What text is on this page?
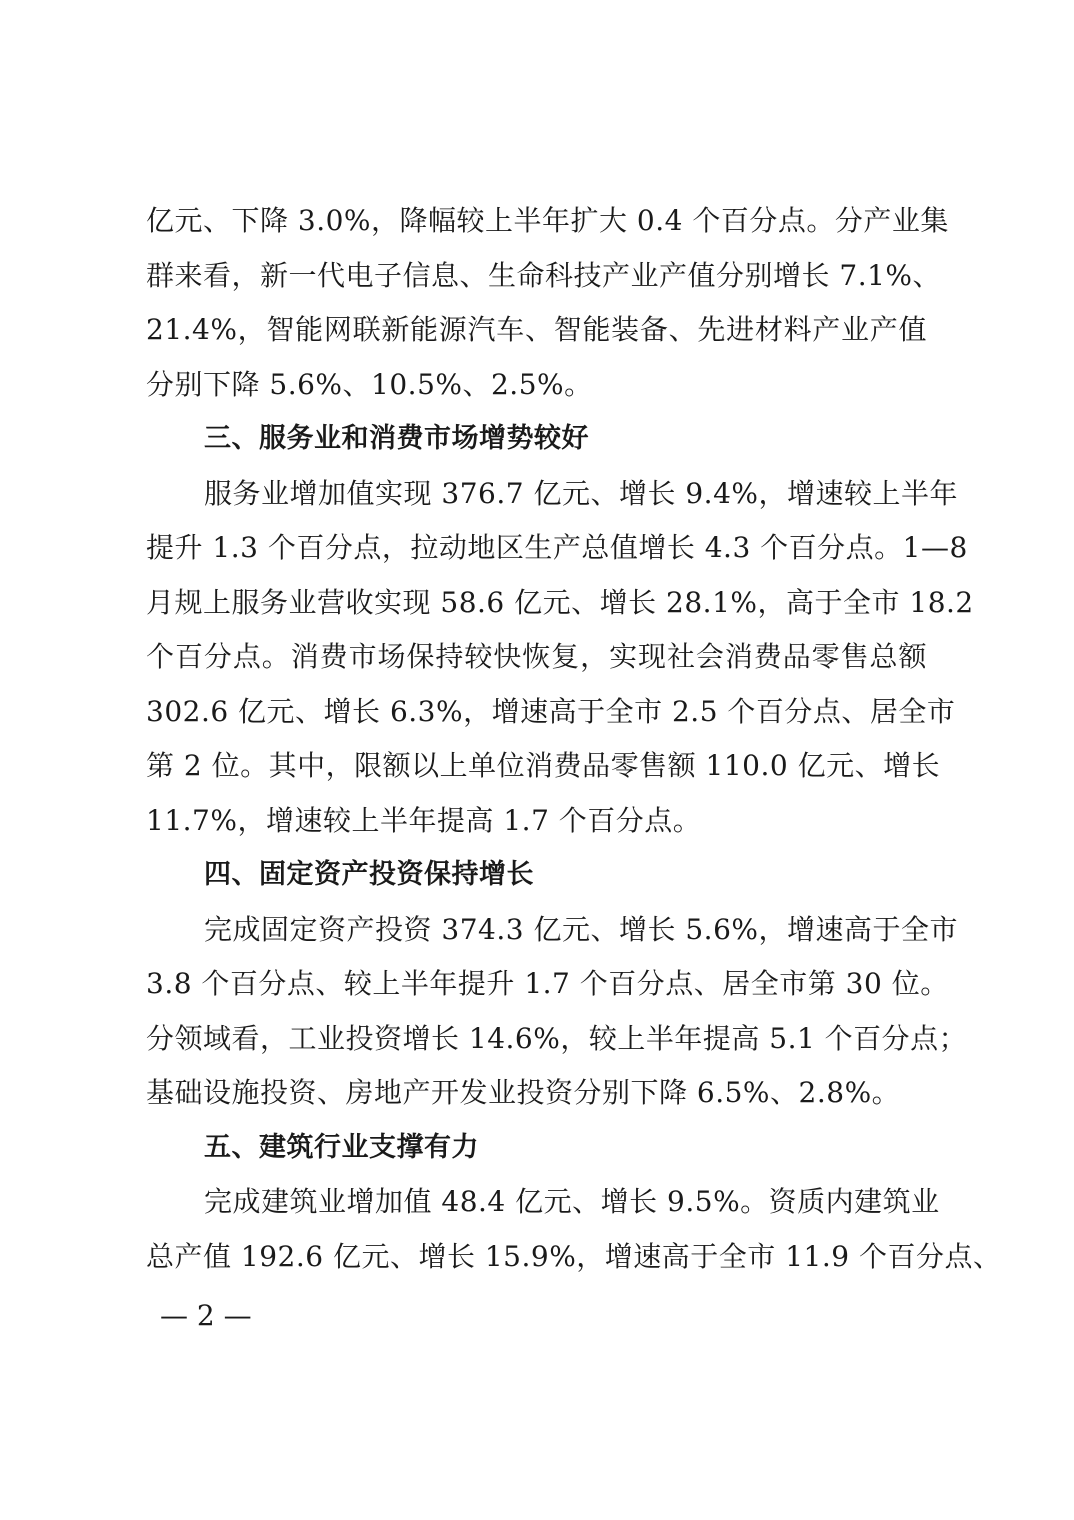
亿元、下降 3.0%，降幅较上半年扩大 0.4 个百分点。分产业集
群来看，新一代电子信息、生命科技产业产值分别增长 7.1%、
21.4%，智能网联新能源汽车、智能装备、先进材料产业产值
分别下降 5.6%、10.5%、2.5%。
三、服务业和消费市场增势较好
服务业增加值实现 376.7 亿元、增长 9.4%，增速较上半年
提升 1.3 个百分点，拉动地区生产总值增长 4.3 个百分点。1—8
月规上服务业营收实现 58.6 亿元、增长 28.1%，高于全市 18.2
个百分点。消费市场保持较快恢复，实现社会消费品零售总额
302.6 亿元、增长 6.3%，增速高于全市 2.5 个百分点、居全市
第 2 位。其中，限额以上单位消费品零售额 110.0 亿元、增长
11.7%，增速较上半年提高 1.7 个百分点。
四、固定资产投资保持增长
完成固定资产投资 374.3 亿元、增长 5.6%，增速高于全市
3.8 个百分点、较上半年提升 1.7 个百分点、居全市第 30 位。
分领域看，工业投资增长 14.6%，较上半年提高 5.1 个百分点；
基础设施投资、房地产开发业投资分别下降 6.5%、2.8%。
五、建筑行业支撑有力
完成建筑业增加值 48.4 亿元、增长 9.5%。资质内建筑业
总产值 192.6 亿元、增长 15.9%，增速高于全市 11.9 个百分点、
— 2 —
